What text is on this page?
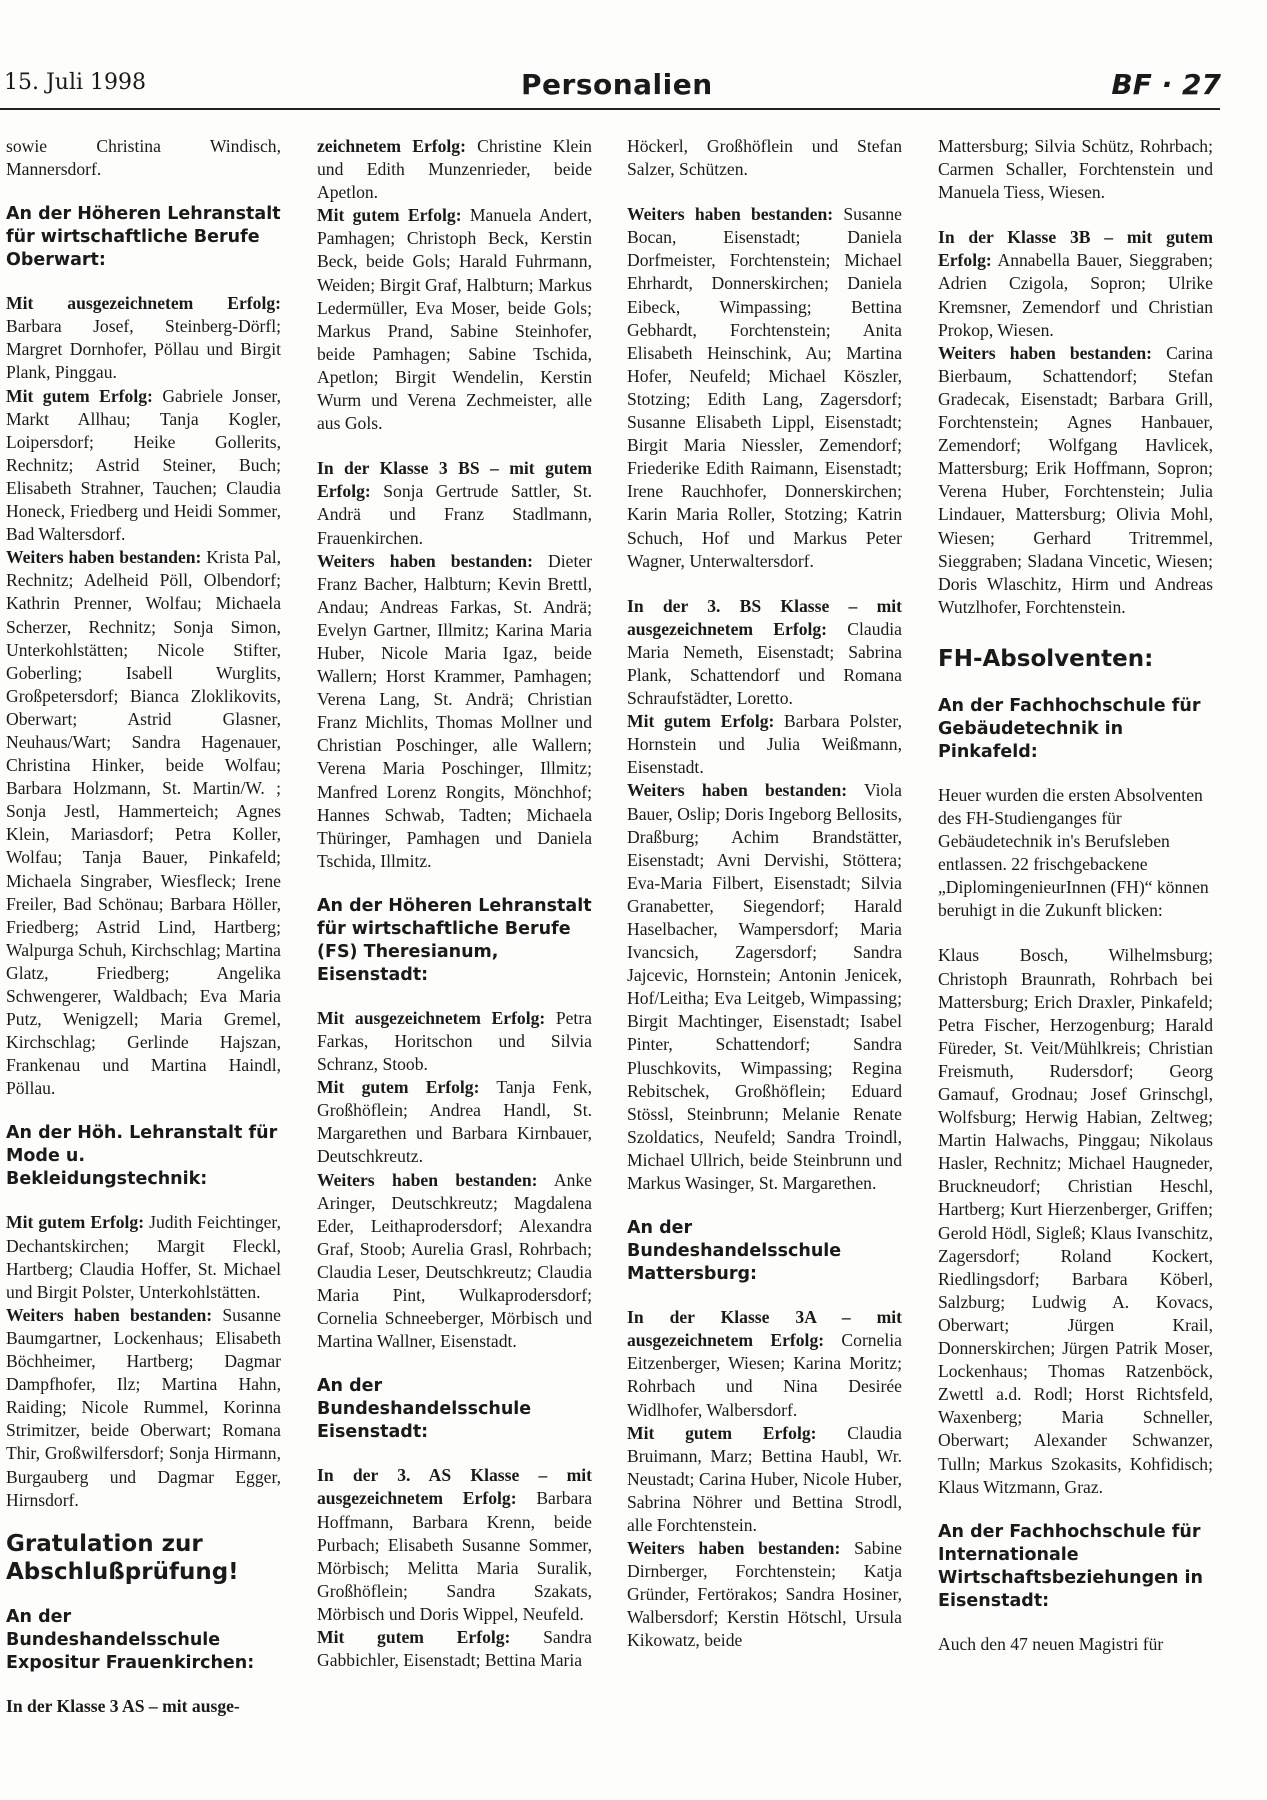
15. Juli 1998	Personalien	BF · 27

sowie Christina Windisch, Mannersdorf.

An der Höheren Lehranstalt für wirtschaftliche Berufe Oberwart:

Mit ausgezeichnetem Erfolg: Barbara Josef, Steinberg-Dörfl; Margret Dornhofer, Pöllau und Birgit Plank, Pinggau.

Mit gutem Erfolg: Gabriele Jonser, Markt Allhau; Tanja Kogler, Loipersdorf; Heike Gollerits, Rechnitz; Astrid Steiner, Buch; Elisabeth Strahner, Tauchen; Claudia Honeck, Friedberg und Heidi Sommer, Bad Waltersdorf.

Weiters haben bestanden: Krista Pal, Rechnitz; Adelheid Pöll, Olbendorf; Kathrin Prenner, Wolfau; Michaela Scherzer, Rechnitz; Sonja Simon, Unterkohlstätten; Nicole Stifter, Goberling; Isabell Wurglits, Großpetersdorf; Bianca Zloklikovits, Oberwart; Astrid Glasner, Neuhaus/Wart; Sandra Hagenauer, Christina Hinker, beide Wolfau; Barbara Holzmann, St. Martin/W. ; Sonja Jestl, Hammerteich; Agnes Klein, Mariasdorf; Petra Koller, Wolfau; Tanja Bauer, Pinkafeld; Michaela Singraber, Wiesfleck; Irene Freiler, Bad Schönau; Barbara Höller, Friedberg; Astrid Lind, Hartberg; Walpurga Schuh, Kirchschlag; Martina Glatz, Friedberg; Angelika Schwengerer, Waldbach; Eva Maria Putz, Wenigzell; Maria Gremel, Kirchschlag; Gerlinde Hajszan, Frankenau und Martina Haindl, Pöllau.

An der Höh. Lehranstalt für Mode u. Bekleidungstechnik:

Mit gutem Erfolg: Judith Feichtinger, Dechantskirchen; Margit Fleckl, Hartberg; Claudia Hoffer, St. Michael und Birgit Polster, Unterkohlstätten.

Weiters haben bestanden: Susanne Baumgartner, Lockenhaus; Elisabeth Böchheimer, Hartberg; Dagmar Dampfhofer, Ilz; Martina Hahn, Raiding; Nicole Rummel, Korinna Strimitzer, beide Oberwart; Romana Thir, Großwilfersdorf; Sonja Hirmann, Burgauberg und Dagmar Egger, Hirnsdorf.

Gratulation zur Abschlußprüfung!
An der Bundeshandelsschule Expositur Frauenkirchen:

In der Klasse 3 AS – mit ausge-

zeichnetem Erfolg: Christine Klein und Edith Munzenrieder, beide Apetlon.

Mit gutem Erfolg: Manuela Andert, Pamhagen; Christoph Beck, Kerstin Beck, beide Gols; Harald Fuhrmann, Weiden; Birgit Graf, Halbturn; Markus Ledermüller, Eva Moser, beide Gols; Markus Prand, Sabine Steinhofer, beide Pamhagen; Sabine Tschida, Apetlon; Birgit Wendelin, Kerstin Wurm und Verena Zechmeister, alle aus Gols.

In der Klasse 3 BS – mit gutem Erfolg: Sonja Gertrude Sattler, St. Andrä und Franz Stadlmann, Frauenkirchen.

Weiters haben bestanden: Dieter Franz Bacher, Halbturn; Kevin Brettl, Andau; Andreas Farkas, St. Andrä; Evelyn Gartner, Illmitz; Karina Maria Huber, Nicole Maria Igaz, beide Wallern; Horst Krammer, Pamhagen; Verena Lang, St. Andrä; Christian Franz Michlits, Thomas Mollner und Christian Poschinger, alle Wallern; Verena Maria Poschinger, Illmitz; Manfred Lorenz Rongits, Mönchhof; Hannes Schwab, Tadten; Michaela Thüringer, Pamhagen und Daniela Tschida, Illmitz.

An der Höheren Lehranstalt für wirtschaftliche Berufe (FS) Theresianum, Eisenstadt:

Mit ausgezeichnetem Erfolg: Petra Farkas, Horitschon und Silvia Schranz, Stoob.

Mit gutem Erfolg: Tanja Fenk, Großhöflein; Andrea Handl, St. Margarethen und Barbara Kirnbauer, Deutschkreutz.

Weiters haben bestanden: Anke Aringer, Deutschkreutz; Magdalena Eder, Leithaprodersdorf; Alexandra Graf, Stoob; Aurelia Grasl, Rohrbach; Claudia Leser, Deutschkreutz; Claudia Maria Pint, Wulkaprodersdorf; Cornelia Schneeberger, Mörbisch und Martina Wallner, Eisenstadt.

An der Bundeshandelsschule Eisenstadt:

In der 3. AS Klasse – mit ausgezeichnetem Erfolg: Barbara Hoffmann, Barbara Krenn, beide Purbach; Elisabeth Susanne Sommer, Mörbisch; Melitta Maria Suralik, Großhöflein; Sandra Szakats, Mörbisch und Doris Wippel, Neufeld.

Mit gutem Erfolg: Sandra Gabbichler, Eisenstadt; Bettina Maria

Höckerl, Großhöflein und Stefan Salzer, Schützen.

Weiters haben bestanden: Susanne Bocan, Eisenstadt; Daniela Dorfmeister, Forchtenstein; Michael Ehrhardt, Donnerskirchen; Daniela Eibeck, Wimpassing; Bettina Gebhardt, Forchtenstein; Anita Elisabeth Heinschink, Au; Martina Hofer, Neufeld; Michael Köszler, Stotzing; Edith Lang, Zagersdorf; Susanne Elisabeth Lippl, Eisenstadt; Birgit Maria Niessler, Zemendorf; Friederike Edith Raimann, Eisenstadt; Irene Rauchhofer, Donnerskirchen; Karin Maria Roller, Stotzing; Katrin Schuch, Hof und Markus Peter Wagner, Unterwaltersdorf.

In der 3. BS Klasse – mit ausgezeichnetem Erfolg: Claudia Maria Nemeth, Eisenstadt; Sabrina Plank, Schattendorf und Romana Schraufstädter, Loretto.

Mit gutem Erfolg: Barbara Polster, Hornstein und Julia Weißmann, Eisenstadt.

Weiters haben bestanden: Viola Bauer, Oslip; Doris Ingeborg Bellosits, Draßburg; Achim Brandstätter, Eisenstadt; Avni Dervishi, Stöttera; Eva-Maria Filbert, Eisenstadt; Silvia Granabetter, Siegendorf; Harald Haselbacher, Wampersdorf; Maria Ivancsich, Zagersdorf; Sandra Jajcevic, Hornstein; Antonin Jenicek, Hof/Leitha; Eva Leitgeb, Wimpassing; Birgit Machtinger, Eisenstadt; Isabel Pinter, Schattendorf; Sandra Pluschkovits, Wimpassing; Regina Rebitschek, Großhöflein; Eduard Stössl, Steinbrunn; Melanie Renate Szoldatics, Neufeld; Sandra Troindl, Michael Ullrich, beide Steinbrunn und Markus Wasinger, St. Margarethen.

An der Bundeshandelsschule Mattersburg:

In der Klasse 3A – mit ausgezeichnetem Erfolg: Cornelia Eitzenberger, Wiesen; Karina Moritz; Rohrbach und Nina Desirée Widlhofer, Walbersdorf.

Mit gutem Erfolg: Claudia Bruimann, Marz; Bettina Haubl, Wr. Neustadt; Carina Huber, Nicole Huber, Sabrina Nöhrer und Bettina Strodl, alle Forchtenstein.

Weiters haben bestanden: Sabine Dirnberger, Forchtenstein; Katja Gründer, Fertörakos; Sandra Hosiner, Walbersdorf; Kerstin Hötschl, Ursula Kikowatz, beide

Mattersburg; Silvia Schütz, Rohrbach; Carmen Schaller, Forchtenstein und Manuela Tiess, Wiesen.

In der Klasse 3B – mit gutem Erfolg: Annabella Bauer, Sieggraben; Adrien Czigola, Sopron; Ulrike Kremsner, Zemendorf und Christian Prokop, Wiesen.

Weiters haben bestanden: Carina Bierbaum, Schattendorf; Stefan Gradecak, Eisenstadt; Barbara Grill, Forchtenstein; Agnes Hanbauer, Zemendorf; Wolfgang Havlicek, Mattersburg; Erik Hoffmann, Sopron; Verena Huber, Forchtenstein; Julia Lindauer, Mattersburg; Olivia Mohl, Wiesen; Gerhard Tritremmel, Sieggraben; Sladana Vincetic, Wiesen; Doris Wlaschitz, Hirm und Andreas Wutzlhofer, Forchtenstein.

FH-Absolventen:
An der Fachhochschule für Gebäudetechnik in Pinkafeld:

Heuer wurden die ersten Absolventen des FH-Studienganges für Gebäudetechnik in's Berufsleben entlassen. 22 frischgebackene „DiplomingenieurInnen (FH)“ können beruhigt in die Zukunft blicken:

Klaus Bosch, Wilhelmsburg; Christoph Braunrath, Rohrbach bei Mattersburg; Erich Draxler, Pinkafeld; Petra Fischer, Herzogenburg; Harald Füreder, St. Veit/Mühlkreis; Christian Freismuth, Rudersdorf; Georg Gamauf, Grodnau; Josef Grinschgl, Wolfsburg; Herwig Habian, Zeltweg; Martin Halwachs, Pinggau; Nikolaus Hasler, Rechnitz; Michael Haugneder, Bruckneudorf; Christian Heschl, Hartberg; Kurt Hierzenberger, Griffen; Gerold Hödl, Sigleß; Klaus Ivanschitz, Zagersdorf; Roland Kockert, Riedlingsdorf; Barbara Köberl, Salzburg; Ludwig A. Kovacs, Oberwart; Jürgen Krail, Donnerskirchen; Jürgen Patrik Moser, Lockenhaus; Thomas Ratzenböck, Zwettl a.d. Rodl; Horst Richtsfeld, Waxenberg; Maria Schneller, Oberwart; Alexander Schwanzer, Tulln; Markus Szokasits, Kohfidisch; Klaus Witzmann, Graz.

An der Fachhochschule für Internationale Wirtschaftsbeziehungen in Eisenstadt:

Auch den 47 neuen Magistri für
